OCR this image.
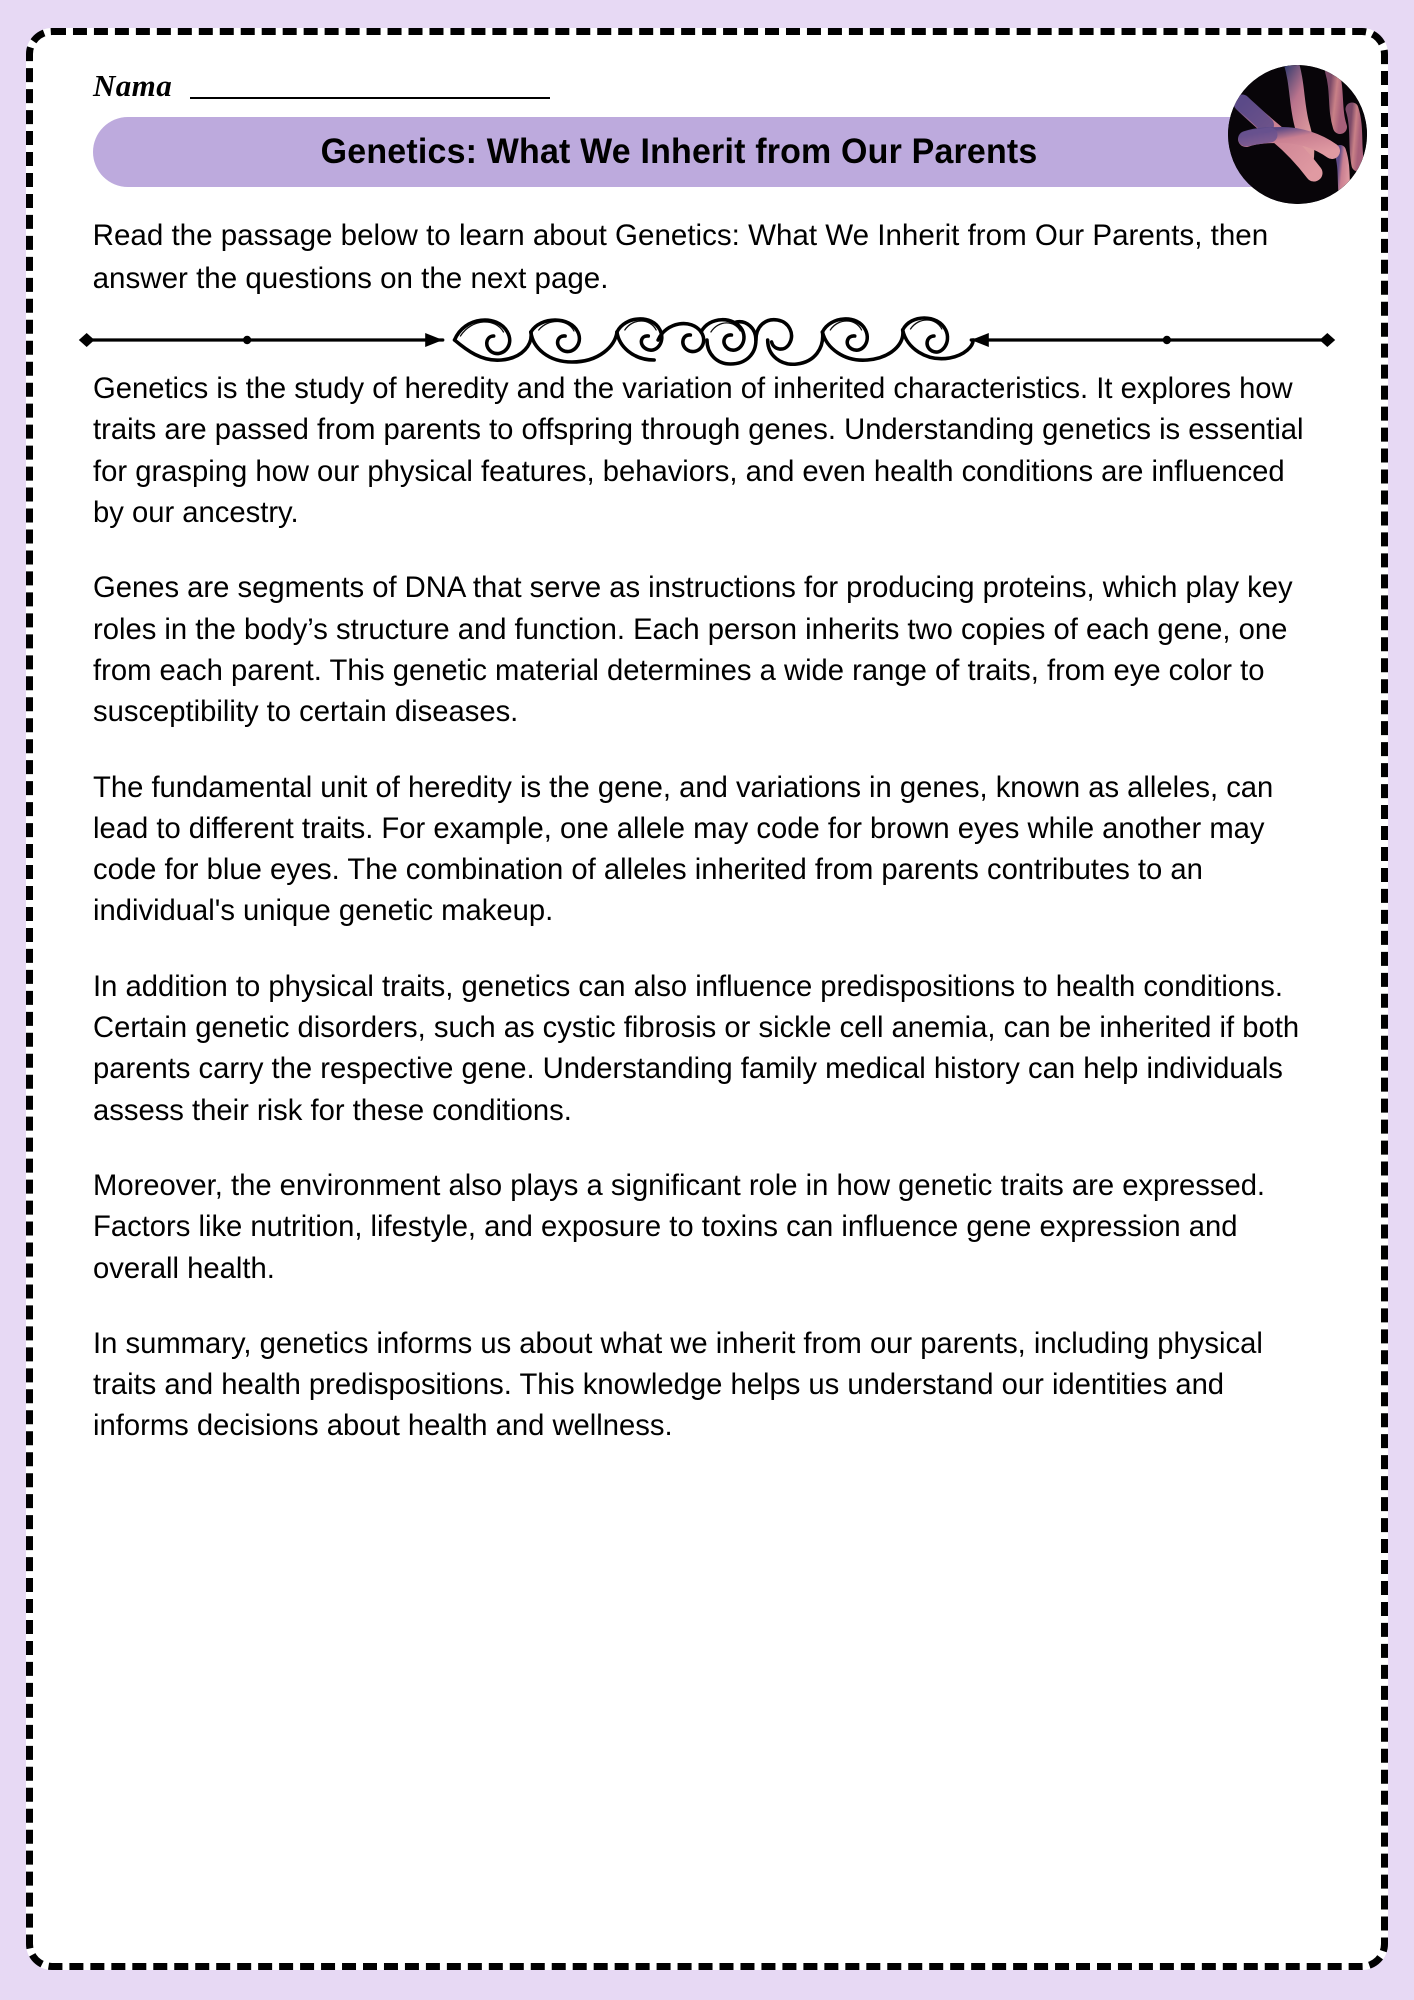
Nama
Genetics: What We Inherit from Our Parents

Read the passage below to learn about Genetics: What We Inherit from Our Parents, then answer the questions on the next page.

Genetics is the study of heredity and the variation of inherited characteristics. It explores how traits are passed from parents to offspring through genes. Understanding genetics is essential for grasping how our physical features, behaviors, and even health conditions are influenced by our ancestry.

Genes are segments of DNA that serve as instructions for producing proteins, which play key roles in the body’s structure and function. Each person inherits two copies of each gene, one from each parent. This genetic material determines a wide range of traits, from eye color to susceptibility to certain diseases.

The fundamental unit of heredity is the gene, and variations in genes, known as alleles, can lead to different traits. For example, one allele may code for brown eyes while another may code for blue eyes. The combination of alleles inherited from parents contributes to an individual's unique genetic makeup.

In addition to physical traits, genetics can also influence predispositions to health conditions. Certain genetic disorders, such as cystic fibrosis or sickle cell anemia, can be inherited if both parents carry the respective gene. Understanding family medical history can help individuals assess their risk for these conditions.

Moreover, the environment also plays a significant role in how genetic traits are expressed. Factors like nutrition, lifestyle, and exposure to toxins can influence gene expression and overall health.

In summary, genetics informs us about what we inherit from our parents, including physical traits and health predispositions. This knowledge helps us understand our identities and informs decisions about health and wellness.
